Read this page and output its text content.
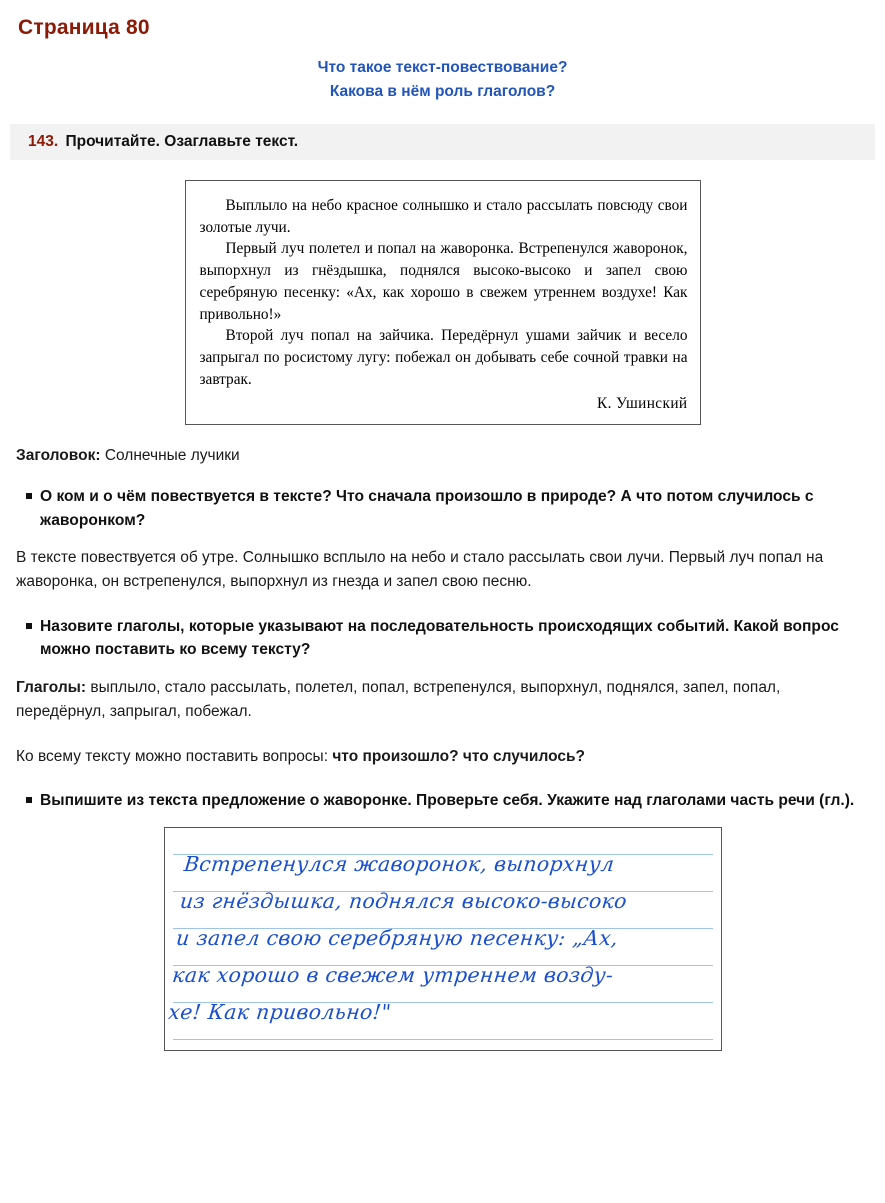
Страница 80
Что такое текст-повествование?
Какова в нём роль глаголов?
143. Прочитайте. Озаглавьте текст.

Выплыло на небо красное солнышко и стало рассылать повсюду свои золотые лучи.

Первый луч полетел и попал на жаворонка. Встрепенулся жаворонок, выпорхнул из гнёздышка, поднялся высоко-высоко и запел свою серебряную песенку: «Ах, как хорошо в свежем утреннем воздухе! Как привольно!»

Второй луч попал на зайчика. Передёрнул ушами зайчик и весело запрыгал по росистому лугу: побежал он добывать себе сочной травки на завтрак.

К. Ушинский

Заголовок: Солнечные лучики
О ком и о чём повествуется в тексте? Что сначала произошло в природе? А что потом случилось с жаворонком?
В тексте повествуется об утре. Солнышко всплыло на небо и стало рассылать свои лучи. Первый луч попал на жаворонка, он встрепенулся, выпорхнул из гнезда и запел свою песню.
Назовите глаголы, которые указывают на последовательность происходящих событий. Какой вопрос можно поставить ко всему тексту?
Глаголы: выплыло, стало рассылать, полетел, попал, встрепенулся, выпорхнул, поднялся, запел, попал, передёрнул, запрыгал, побежал.
Ко всему тексту можно поставить вопросы: что произошло? что случилось?
Выпишите из текста предложение о жаворонке. Проверьте себя. Укажите над глаголами часть речи (гл.).
Встрепенулся жаворонок, выпорхнул
из гнёздышка, поднялся высоко-высоко
и запел свою серебряную песенку: „Ах,
как хорошо в свежем утреннем возду-
хе! Как привольно!"
